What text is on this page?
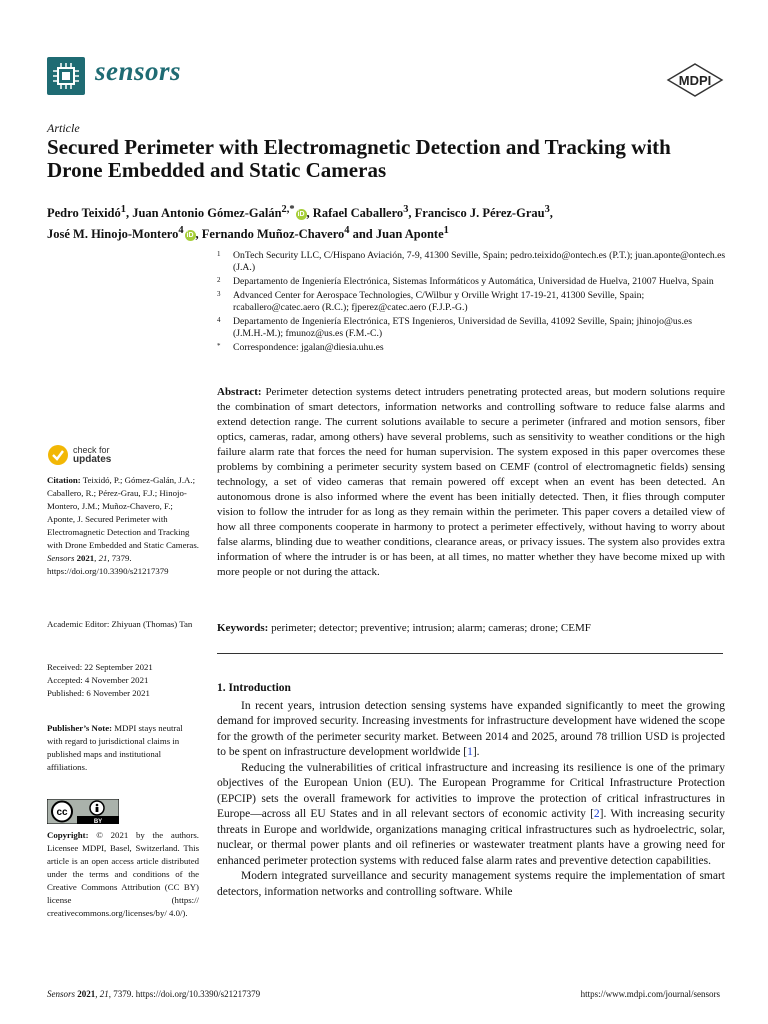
sensors	MDPI
Article
Secured Perimeter with Electromagnetic Detection and Tracking with Drone Embedded and Static Cameras
Pedro Teixidó$^1$, Juan Antonio Gómez-Galán$^{2,*}$ iD , Rafael Caballero$^3$, Francisco J. Pérez-Grau$^3$,
José M. Hinojo-Montero$^4$ iD , Fernando Muñoz-Chavero$^4$ and Juan Aponte$^1$
1 OnTech Security LLC, C/Hispano Aviación, 7-9, 41300 Seville, Spain; pedro.teixido@ontech.es (P.T.); juan.aponte@ontech.es (J.A.)
2 Departamento de Ingeniería Electrónica, Sistemas Informáticos y Automática, Universidad de Huelva, 21007 Huelva, Spain
3 Advanced Center for Aerospace Technologies, C/Wilbur y Orville Wright 17-19-21, 41300 Seville, Spain; rcaballero@catec.aero (R.C.); fjperez@catec.aero (F.J.P.-G.)
4 Departamento de Ingeniería Electrónica, ETS Ingenieros, Universidad de Sevilla, 41092 Seville, Spain; jhinojo@us.es (J.M.H.-M.); fmunoz@us.es (F.M.-C.)
* Correspondence: jgalan@diesia.uhu.es
Abstract: Perimeter detection systems detect intruders penetrating protected areas, but modern solutions require the combination of smart detectors, information networks and controlling software to reduce false alarms and extend detection range. The current solutions available to secure a perimeter (infrared and motion sensors, fiber optics, cameras, radar, among others) have several problems, such as sensitivity to weather conditions or the high failure alarm rate that forces the need for human supervision. The system exposed in this paper overcomes these problems by combining a perimeter security system based on CEMF (control of electromagnetic fields) sensing technology, a set of video cameras that remain powered off except when an event has been detected. An autonomous drone is also informed where the event has been initially detected. Then, it flies through computer vision to follow the intruder for as long as they remain within the perimeter. This paper covers a detailed view of how all three components cooperate in harmony to protect a perimeter effectively, without having to worry about false alarms, blinding due to weather conditions, clearance areas, or privacy issues. The system also provides extra information of where the intruder is or has been, at all times, no matter whether they have become mixed up with more people or not during the attack.
Keywords: perimeter; detector; preventive; intrusion; alarm; cameras; drone; CEMF
1. Introduction

In recent years, intrusion detection sensing systems have expanded significantly to meet the growing demand for improved security. Increasing investments for infrastructure development have widened the scope for the growth of the perimeter security market. Between 2014 and 2025, around 78 trillion USD is projected to be spent on infrastructure development worldwide [1].

Reducing the vulnerabilities of critical infrastructure and increasing its resilience is one of the primary objectives of the European Union (EU). The European Programme for Critical Infrastructure Protection (EPCIP) sets the overall framework for activities to improve the protection of critical infrastructures in Europe—across all EU States and in all relevant sectors of economic activity [2]. With increasing security threats in Europe and worldwide, organizations managing critical infrastructures such as hydroelectric, solar, nuclear, or thermal power plants and oil refineries or wastewater treatment plants have a growing need for enhanced perimeter protection systems with reduced false alarm rates and preventive detection capabilities.

Modern integrated surveillance and security management systems require the implementation of smart detectors, information networks and controlling software. While

check for
updates
Citation: Teixidó, P.; Gómez-Galán, J.A.; Caballero, R.; Pérez-Grau, F.J.; Hinojo-Montero, J.M.; Muñoz-Chavero, F.; Aponte, J. Secured Perimeter with Electromagnetic Detection and Tracking with Drone Embedded and Static Cameras. Sensors 2021, 21, 7379. https://doi.org/10.3390/s21217379
Academic Editor: Zhiyuan (Thomas) Tan
Received: 22 September 2021
Accepted: 4 November 2021
Published: 6 November 2021
Publisher’s Note: MDPI stays neutral with regard to jurisdictional claims in published maps and institutional affiliations.
cc
BY
Copyright: © 2021 by the authors. Licensee MDPI, Basel, Switzerland. This article is an open access article distributed under the terms and conditions of the Creative Commons Attribution (CC BY) license (https:// creativecommons.org/licenses/by/ 4.0/).
Sensors 2021, 21, 7379. https://doi.org/10.3390/s21217379	https://www.mdpi.com/journal/sensors
